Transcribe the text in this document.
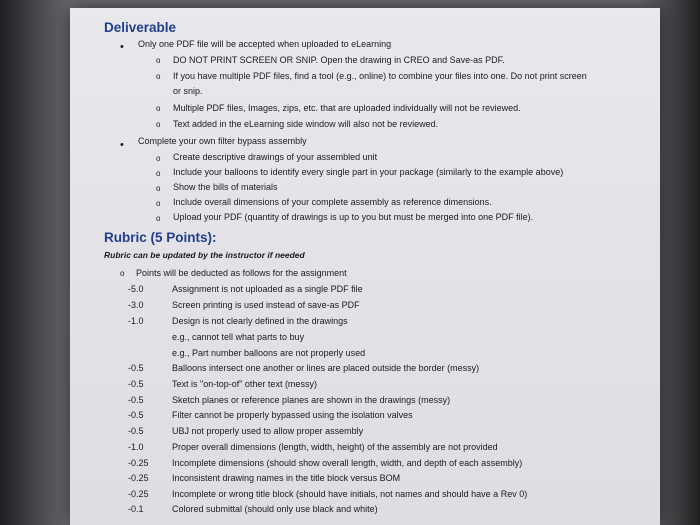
Deliverable
• Only one PDF file will be accepted when uploaded to eLearning
o DO NOT PRINT SCREEN OR SNIP. Open the drawing in CREO and Save-as PDF.
o If you have multiple PDF files, find a tool (e.g., online) to combine your files into one. Do not print screen
or snip.
o Multiple PDF files, Images, zips, etc. that are uploaded individually will not be reviewed.
o Text added in the eLearning side window will also not be reviewed.
• Complete your own filter bypass assembly
o Create descriptive drawings of your assembled unit
o Include your balloons to identify every single part in your package (similarly to the example above)
o Show the bills of materials
o Include overall dimensions of your complete assembly as reference dimensions.
o Upload your PDF (quantity of drawings is up to you but must be merged into one PDF file).
Rubric (5 Points):
Rubric can be updated by the instructor if needed
o Points will be deducted as follows for the assignment
-5.0	Assignment is not uploaded as a single PDF file
-3.0	Screen printing is used instead of save-as PDF
-1.0	Design is not clearly defined in the drawings
e.g., cannot tell what parts to buy
e.g., Part number balloons are not properly used
-0.5	Balloons intersect one another or lines are placed outside the border (messy)
-0.5	Text is "on-top-of" other text (messy)
-0.5	Sketch planes or reference planes are shown in the drawings (messy)
-0.5	Filter cannot be properly bypassed using the isolation valves
-0.5	UBJ not properly used to allow proper assembly
-1.0	Proper overall dimensions (length, width, height) of the assembly are not provided
-0.25	Incomplete dimensions (should show overall length, width, and depth of each assembly)
-0.25	Inconsistent drawing names in the title block versus BOM
-0.25	Incomplete or wrong title block (should have initials, not names and should have a Rev 0)
-0.1	Colored submittal (should only use black and white)
